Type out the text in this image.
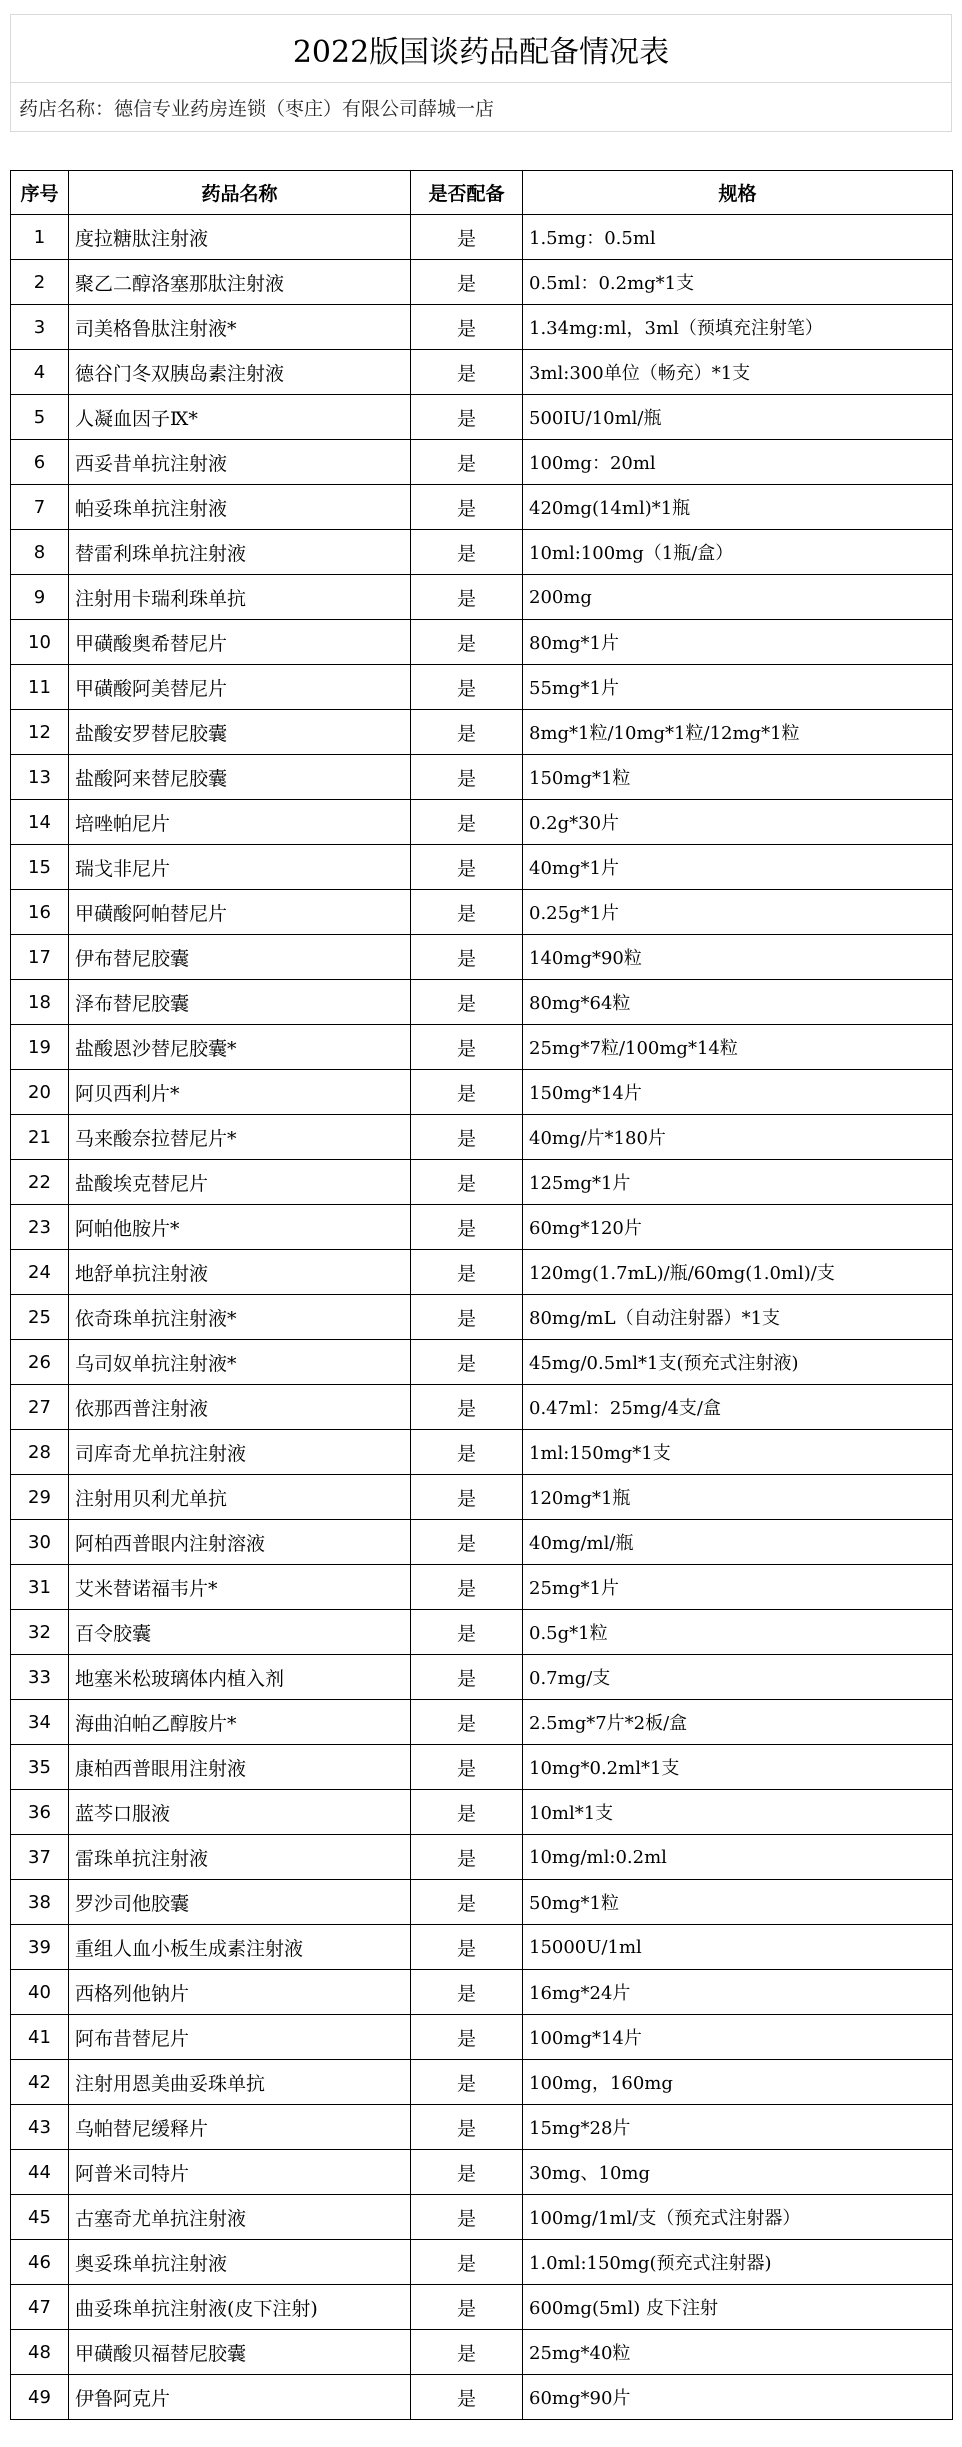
2022版国谈药品配备情况表
药店名称：德信专业药房连锁（枣庄）有限公司薛城一店
序号	药品名称	是否配备	规格
1	度拉糖肽注射液	是	1.5mg：0.5ml
2	聚乙二醇洛塞那肽注射液	是	0.5ml：0.2mg*1支
3	司美格鲁肽注射液*	是	1.34mg:ml，3ml（预填充注射笔）
4	德谷门冬双胰岛素注射液	是	3ml:300单位（畅充）*1支
5	人凝血因子Ⅸ*	是	500IU/10ml/瓶
6	西妥昔单抗注射液	是	100mg：20ml
7	帕妥珠单抗注射液	是	420mg(14ml)*1瓶
8	替雷利珠单抗注射液	是	10ml:100mg（1瓶/盒）
9	注射用卡瑞利珠单抗	是	200mg
10	甲磺酸奥希替尼片	是	80mg*1片
11	甲磺酸阿美替尼片	是	55mg*1片
12	盐酸安罗替尼胶囊	是	8mg*1粒/10mg*1粒/12mg*1粒
13	盐酸阿来替尼胶囊	是	150mg*1粒
14	培唑帕尼片	是	0.2g*30片
15	瑞戈非尼片	是	40mg*1片
16	甲磺酸阿帕替尼片	是	0.25g*1片
17	伊布替尼胶囊	是	140mg*90粒
18	泽布替尼胶囊	是	80mg*64粒
19	盐酸恩沙替尼胶囊*	是	25mg*7粒/100mg*14粒
20	阿贝西利片*	是	150mg*14片
21	马来酸奈拉替尼片*	是	40mg/片*180片
22	盐酸埃克替尼片	是	125mg*1片
23	阿帕他胺片*	是	60mg*120片
24	地舒单抗注射液	是	120mg(1.7mL)/瓶/60mg(1.0ml)/支
25	依奇珠单抗注射液*	是	80mg/mL（自动注射器）*1支
26	乌司奴单抗注射液*	是	45mg/0.5ml*1支(预充式注射液)
27	依那西普注射液	是	0.47ml：25mg/4支/盒
28	司库奇尤单抗注射液	是	1ml:150mg*1支
29	注射用贝利尤单抗	是	120mg*1瓶
30	阿柏西普眼内注射溶液	是	40mg/ml/瓶
31	艾米替诺福韦片*	是	25mg*1片
32	百令胶囊	是	0.5g*1粒
33	地塞米松玻璃体内植入剂	是	0.7mg/支
34	海曲泊帕乙醇胺片*	是	2.5mg*7片*2板/盒
35	康柏西普眼用注射液	是	10mg*0.2ml*1支
36	蓝芩口服液	是	10ml*1支
37	雷珠单抗注射液	是	10mg/ml:0.2ml
38	罗沙司他胶囊	是	50mg*1粒
39	重组人血小板生成素注射液	是	15000U/1ml
40	西格列他钠片	是	16mg*24片
41	阿布昔替尼片	是	100mg*14片
42	注射用恩美曲妥珠单抗	是	100mg，160mg
43	乌帕替尼缓释片	是	15mg*28片
44	阿普米司特片	是	30mg、10mg
45	古塞奇尤单抗注射液	是	100mg/1ml/支（预充式注射器）
46	奥妥珠单抗注射液	是	1.0ml:150mg(预充式注射器)
47	曲妥珠单抗注射液(皮下注射)	是	600mg(5ml) 皮下注射
48	甲磺酸贝福替尼胶囊	是	25mg*40粒
49	伊鲁阿克片	是	60mg*90片
